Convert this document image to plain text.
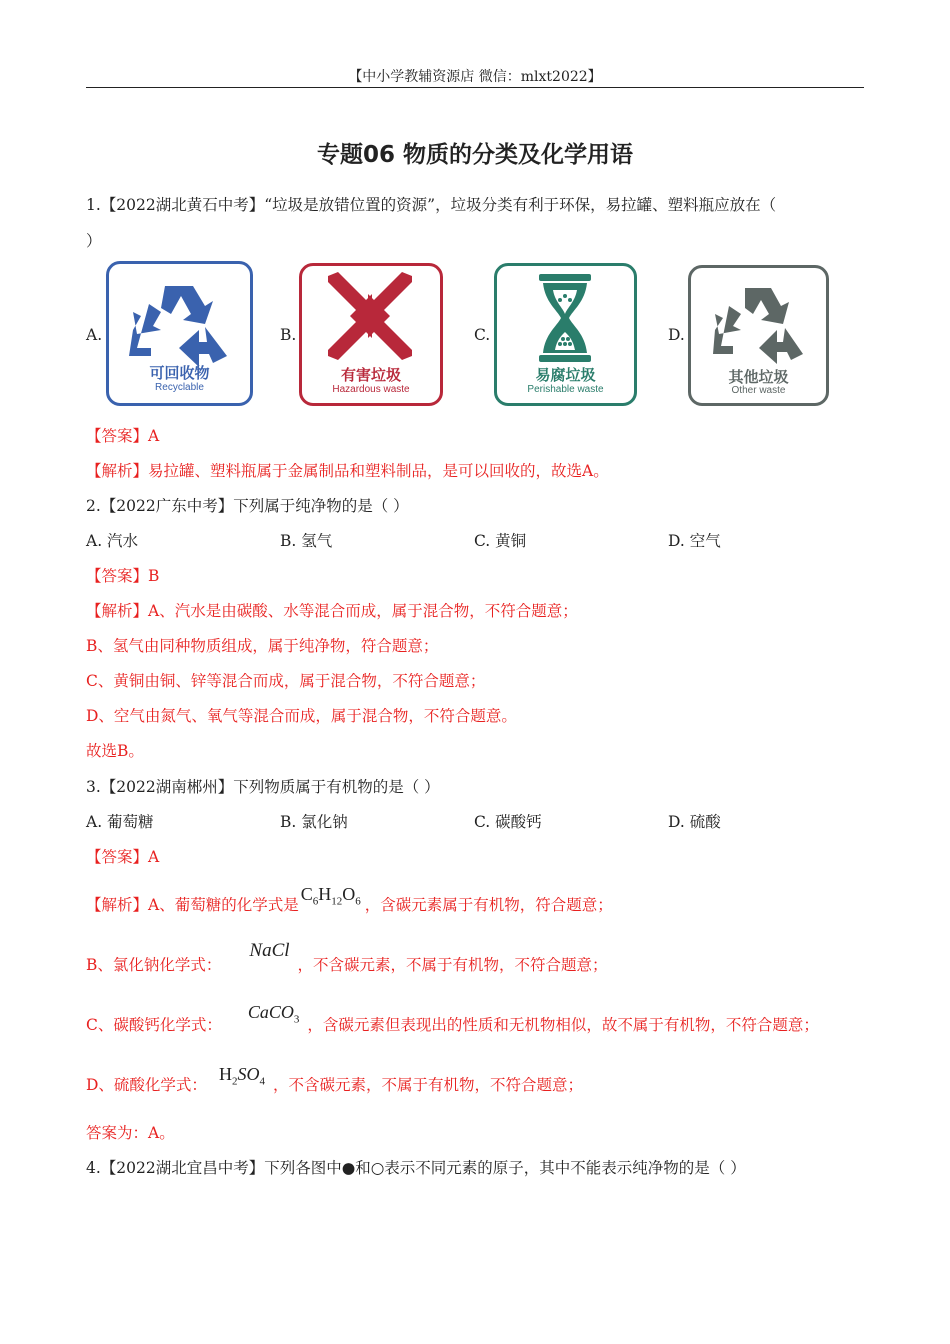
【中小学教辅资源店 微信：mlxt2022】
专题06 物质的分类及化学用语
1.【2022湖北黄石中考】“垃圾是放错位置的资源”，垃圾分类有利于环保，易拉罐、塑料瓶应放在（
）
A.
可回收物
Recyclable
B.
有害垃圾
Hazardous waste
C.
易腐垃圾
Perishable waste
D.
其他垃圾
Other waste
【答案】A
【解析】易拉罐、塑料瓶属于金属制品和塑料制品，是可以回收的，故选A。
2.【2022广东中考】下列属于纯净物的是（ ）
A. 汽水	B. 氢气	C. 黄铜	D. 空气
【答案】B
【解析】A、汽水是由碳酸、水等混合而成，属于混合物，不符合题意；
B、氢气由同种物质组成，属于纯净物，符合题意；
C、黄铜由铜、锌等混合而成，属于混合物，不符合题意；
D、空气由氮气、氧气等混合而成，属于混合物，不符合题意。
故选B。
3.【2022湖南郴州】下列物质属于有机物的是（ ）
A. 葡萄糖	B. 氯化钠	C. 碳酸钙	D. 硫酸
【答案】A
【解析】A、葡萄糖的化学式是$C_6H_{12}O_6$ ，含碳元素属于有机物，符合题意；
B、氯化钠化学式：NaCl，不含碳元素，不属于有机物，不符合题意；
C、碳酸钙化学式：CaCO$_3$ ，含碳元素但表现出的性质和无机物相似，故不属于有机物，不符合题意；
D、硫酸化学式：$H_2SO_4$ ，不含碳元素，不属于有机物，不符合题意；
答案为：A。
4.【2022湖北宜昌中考】下列各图中●和○表示不同元素的原子，其中不能表示纯净物的是（ ）
